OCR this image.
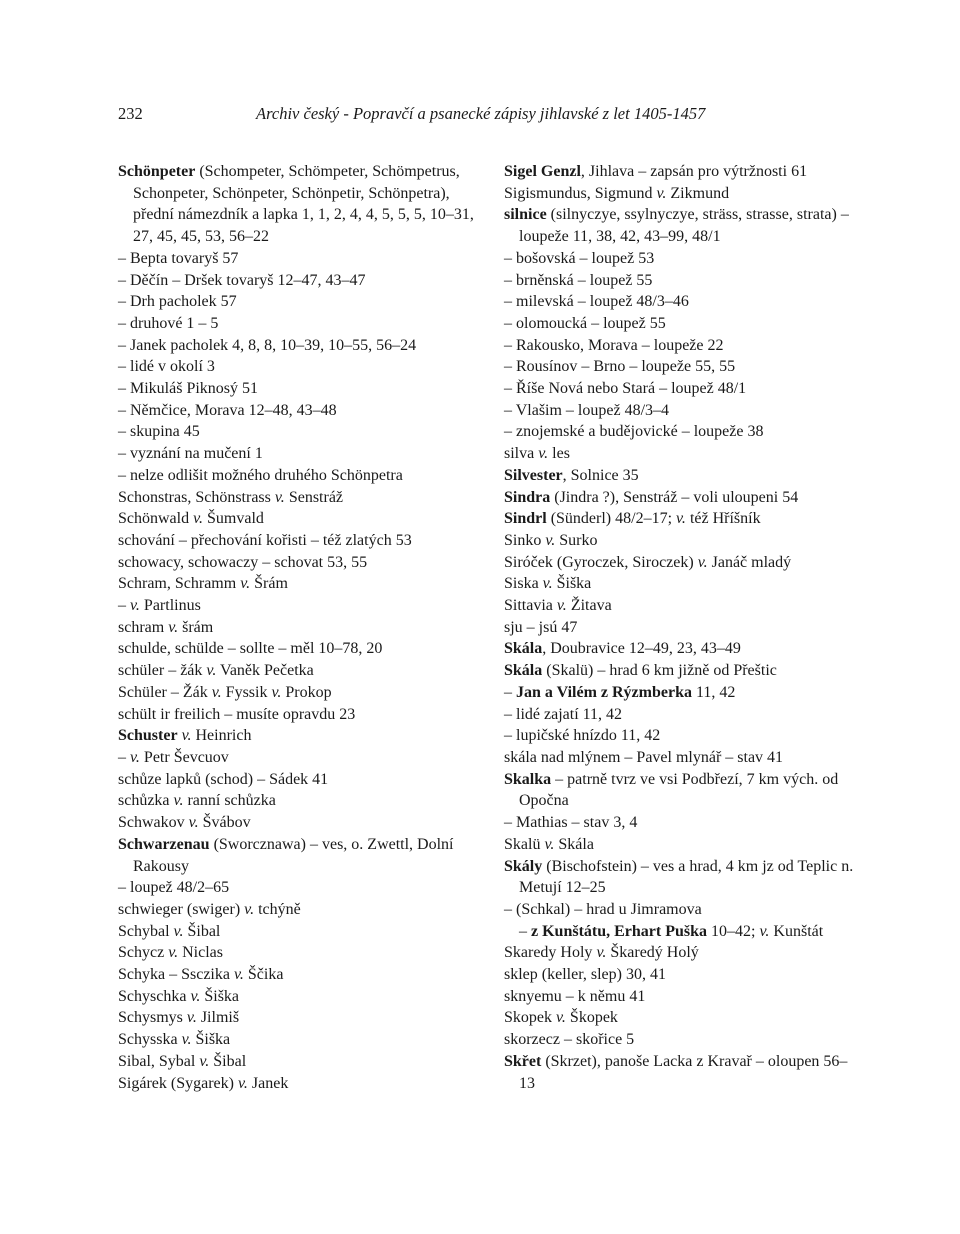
232	Archiv český - Popravčí a psanecké zápisy jihlavské z let 1405-1457
Schönpeter (Schompeter, Schömpeter, Schömpetrus, Schonpeter, Schönpeter, Schönpetir, Schönpetra), přední námezdník a lapka 1, 1, 2, 4, 4, 5, 5, 5, 10–31, 27, 45, 45, 53, 56–22
– Bepta tovaryš 57
– Děčín – Dršek tovaryš 12–47, 43–47
– Drh pacholek 57
– druhové 1 – 5
– Janek pacholek 4, 8, 8, 10–39, 10–55, 56–24
– lidé v okolí 3
– Mikuláš Piknosý 51
– Němčice, Morava 12–48, 43–48
– skupina 45
– vyznání na mučení 1
– nelze odlišit možného druhého Schönpetra
Schonstras, Schönstrass v. Senstráž
Schönwald v. Šumvald
schování – přechování kořisti – též zlatých 53
schowacy, schowaczy – schovat 53, 55
Schram, Schramm v. Šrám
– v. Partlinus
schram v. šrám
schulde, schülde – sollte – měl 10–78, 20
schüler – žák v. Vaněk Pečetka
Schüler – Žák v. Fyssik v. Prokop
schült ir freilich – musíte opravdu 23
Schuster v. Heinrich
– v. Petr Ševcuov
schůze lapků (schod) – Sádek 41
schůzka v. ranní schůzka
Schwakov v. Švábov
Schwarzenau (Sworcznawa) – ves, o. Zwettl, Dolní Rakousy
– loupež 48/2–65
schwieger (swiger) v. tchýně
Schybal v. Šibal
Schycz v. Niclas
Schyka – Ssczika v. Ščika
Schyschka v. Šiška
Schysmys v. Jilmiš
Schysska v. Šiška
Sibal, Sybal v. Šibal
Sigárek (Sygarek) v. Janek
Sigel Genzl, Jihlava – zapsán pro výtržnosti 61
Sigismundus, Sigmund v. Zikmund
silnice (silnyczye, ssylnyczye, sträss, strasse, strata) – loupeže 11, 38, 42, 43–99, 48/1
– bošovská – loupež 53
– brněnská – loupež 55
– milevská – loupež 48/3–46
– olomoucká – loupež 55
– Rakousko, Morava – loupeže 22
– Rousínov – Brno – loupeže 55, 55
– Říše Nová nebo Stará – loupež 48/1
– Vlašim – loupež 48/3–4
– znojemské a budějovické – loupeže 38
silva v. les
Silvester, Solnice 35
Sindra (Jindra ?), Senstráž – voli uloupeni 54
Sindrl (Sünderl) 48/2–17; v. též Hříšník
Sinko v. Surko
Siróček (Gyroczek, Siroczek) v. Janáč mladý
Siska v. Šiška
Sittavia v. Žitava
sju – jsú 47
Skála, Doubravice 12–49, 23, 43–49
Skála (Skalü) – hrad 6 km jižně od Přeštic
– Jan a Vilém z Rýzmberka 11, 42
– lidé zajatí 11, 42
– lupičské hnízdo 11, 42
skála nad mlýnem – Pavel mlynář – stav 41
Skalka – patrně tvrz ve vsi Podbřezí, 7 km vých. od Opočna
– Mathias – stav 3, 4
Skalü v. Skála
Skály (Bischofstein) – ves a hrad, 4 km jz od Teplic n. Metují 12–25
– (Schkal) – hrad u Jimramova
– z Kunštátu, Erhart Puška 10–42; v. Kunštát
Skaredy Holy v. Škaredý Holý
sklep (keller, slep) 30, 41
sknyemu – k němu 41
Skopek v. Škopek
skorzecz – skořice 5
Skřet (Skrzet), panoše Lacka z Kravař – oloupen 56–13
